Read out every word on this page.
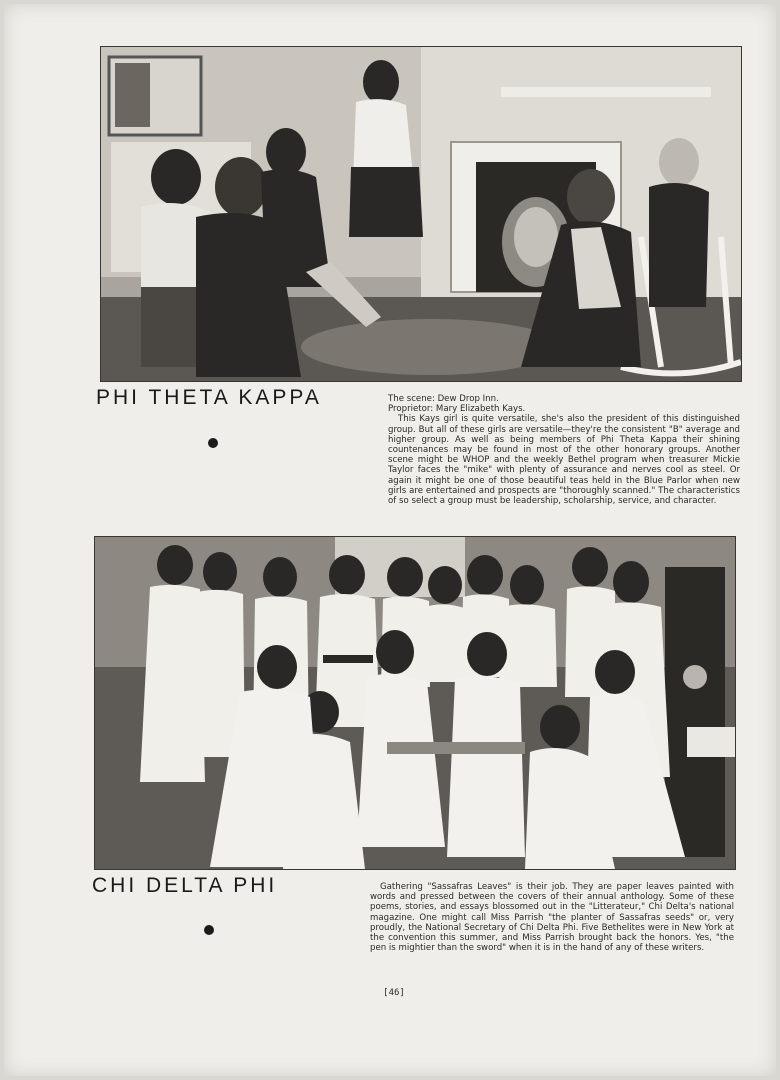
PHI THETA KAPPA	The scene: Dew Drop Inn.

Proprietor: Mary Elizabeth Kays.

This Kays girl is quite versatile, she's also the president of this distinguished group. But all of these girls are versatile—they're the consistent "B" average and higher group. As well as being members of Phi Theta Kappa their shining countenances may be found in most of the other honorary groups. Another scene might be WHOP and the weekly Bethel program when treasurer Mickie Taylor faces the "mike" with plenty of assurance and nerves cool as steel. Or again it might be one of those beautiful teas held in the Blue Parlor when new girls are entertained and prospects are "thoroughly scanned." The characteristics of so select a group must be leadership, scholarship, service, and character.

CHI DELTA PHI	Gathering "Sassafras Leaves" is their job. They are paper leaves painted with words and pressed between the covers of their annual anthology. Some of these poems, stories, and essays blossomed out in the "Litterateur," Chi Delta's national magazine. One might call Miss Parrish "the planter of Sassafras seeds" or, very proudly, the National Secretary of Chi Delta Phi. Five Bethelites were in New York at the convention this summer, and Miss Parrish brought back the honors. Yes, "the pen is mightier than the sword" when it is in the hand of any of these writers.

[46]
